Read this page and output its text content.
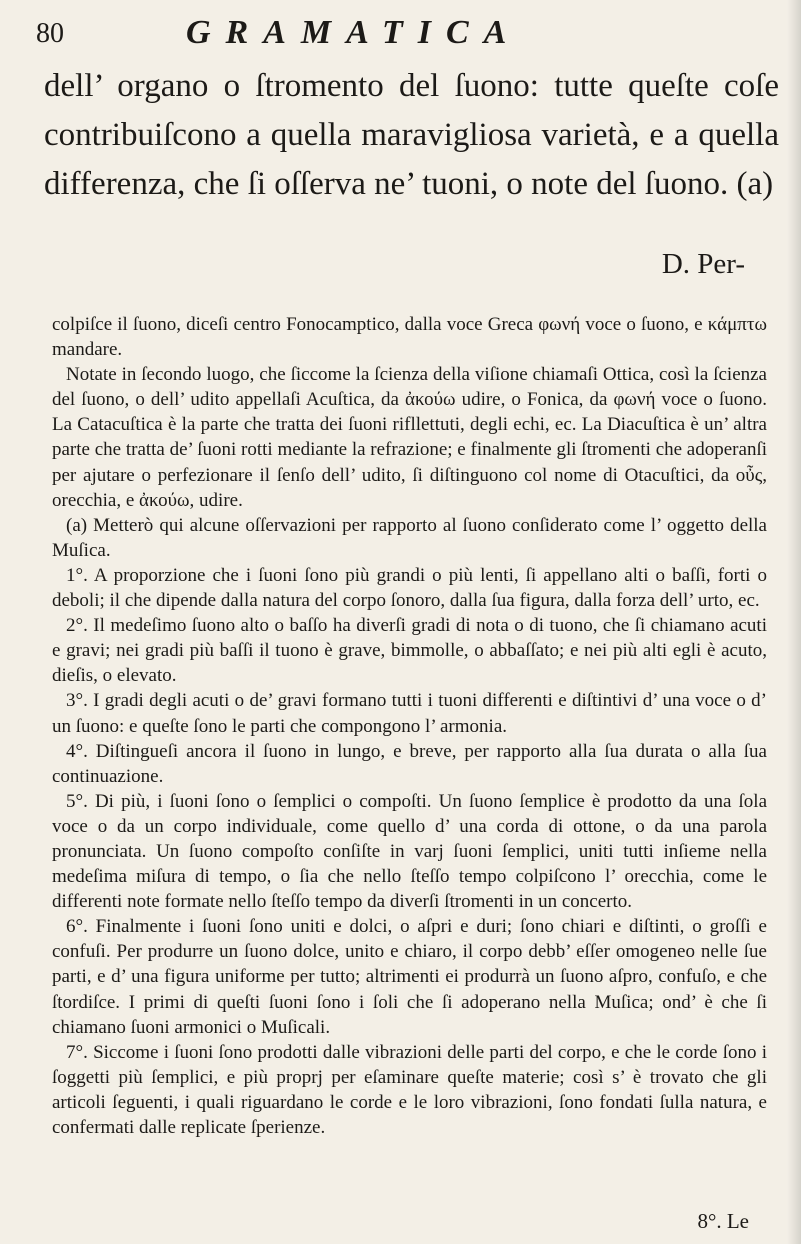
80	GRAMATICA

dell’ organo o ſtromento del ſuono: tutte queſte coſe contribuiſcono a quella maravigliosa varietà, e a quella differenza, che ſi oſſerva ne’ tuoni, o note del ſuono. (a)

D. Per-

colpiſce il ſuono, diceſi centro Fonocamptico, dalla voce Greca φωνή voce o ſuono, e κάμπτω mandare.

Notate in ſecondo luogo, che ſiccome la ſcienza della viſione chiamaſi Ottica, così la ſcienza del ſuono, o dell’ udito appellaſi Acuſtica, da ἀκούω udire, o Fonica, da φωνή voce o ſuono. La Catacuſtica è la parte che tratta dei ſuoni rifllettuti, degli echi, ec. La Diacuſtica è un’ altra parte che tratta de’ ſuoni rotti mediante la refrazione; e finalmente gli ſtromenti che adoperanſi per ajutare o perfezionare il ſenſo dell’ udito, ſi diſtinguono col nome di Otacuſtici, da οὖς, orecchia, e ἀκούω, udire.

(a) Metterò qui alcune oſſervazioni per rapporto al ſuono conſiderato come l’ oggetto della Muſica.

1°. A proporzione che i ſuoni ſono più grandi o più lenti, ſi appellano alti o baſſi, forti o deboli; il che dipende dalla natura del corpo ſonoro, dalla ſua figura, dalla forza dell’ urto, ec.

2°. Il medeſimo ſuono alto o baſſo ha diverſi gradi di nota o di tuono, che ſi chiamano acuti e gravi; nei gradi più baſſi il tuono è grave, bimmolle, o abbaſſato; e nei più alti egli è acuto, dieſis, o elevato.

3°. I gradi degli acuti o de’ gravi formano tutti i tuoni differenti e diſtintivi d’ una voce o d’ un ſuono: e queſte ſono le parti che compongono l’ armonia.

4°. Diſtingueſi ancora il ſuono in lungo, e breve, per rapporto alla ſua durata o alla ſua continuazione.

5°. Di più, i ſuoni ſono o ſemplici o compoſti. Un ſuono ſemplice è prodotto da una ſola voce o da un corpo individuale, come quello d’ una corda di ottone, o da una parola pronunciata. Un ſuono compoſto conſiſte in varj ſuoni ſemplici, uniti tutti inſieme nella medeſima miſura di tempo, o ſia che nello ſteſſo tempo colpiſcono l’ orecchia, come le differenti note formate nello ſteſſo tempo da diverſi ſtromenti in un concerto.

6°. Finalmente i ſuoni ſono uniti e dolci, o aſpri e duri; ſono chiari e diſtinti, o groſſi e confuſi. Per produrre un ſuono dolce, unito e chiaro, il corpo debb’ eſſer omogeneo nelle ſue parti, e d’ una figura uniforme per tutto; altrimenti ei produrrà un ſuono aſpro, confuſo, e che ſtordiſce. I primi di queſti ſuoni ſono i ſoli che ſi adoperano nella Muſica; ond’ è che ſi chiamano ſuoni armonici o Muſicali.

7°. Siccome i ſuoni ſono prodotti dalle vibrazioni delle parti del corpo, e che le corde ſono i ſoggetti più ſemplici, e più proprj per eſaminare queſte materie; così s’ è trovato che gli articoli ſeguenti, i quali riguardano le corde e le loro vibrazioni, ſono fondati ſulla natura, e confermati dalle replicate ſperienze.

8°. Le
